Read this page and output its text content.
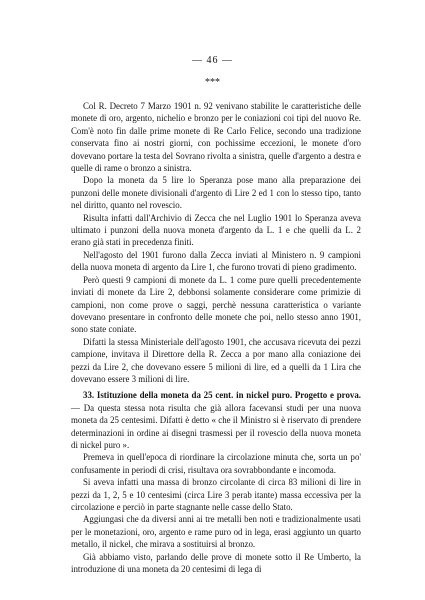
— 46 —
***

Col R. Decreto 7 Marzo 1901 n. 92 venivano stabilite le caratteristiche delle monete di oro, argento, nichelio e bronzo per le coniazioni coi tipi del nuovo Re. Com'è noto fin dalle prime monete di Re Carlo Felice, secondo una tradizione conservata fino ai nostri giorni, con pochissime eccezioni, le monete d'oro dovevano portare la testa del Sovrano rivolta a sinistra, quelle d'argento a destra e quelle di rame o bronzo a sinistra.

Dopo la moneta da 5 lire lo Speranza pose mano alla preparazione dei punzoni delle monete divisionali d'argento di Lire 2 ed 1 con lo stesso tipo, tanto nel diritto, quanto nel rovescio.

Risulta infatti dall'Archivio di Zecca che nel Luglio 1901 lo Speranza aveva ultimato i punzoni della nuova moneta d'argento da L. 1 e che quelli da L. 2 erano già stati in precedenza finiti.

Nell'agosto del 1901 furono dalla Zecca inviati al Ministero n. 9 campioni della nuova moneta di argento da Lire 1, che furono trovati di pieno gradimento.

Però questi 9 campioni di monete da L. 1 come pure quelli precedentemente inviati di monete da Lire 2, debbonsi solamente considerare come primizie di campioni, non come prove o saggi, perchè nessuna caratteristica o variante dovevano presentare in confronto delle monete che poi, nello stesso anno 1901, sono state coniate.

Difatti la stessa Ministeriale dell'agosto 1901, che accusava ricevuta dei pezzi campione, invitava il Direttore della R. Zecca a por mano alla coniazione dei pezzi da Lire 2, che dovevano essere 5 milioni di lire, ed a quelli da 1 Lira che dovevano essere 3 milioni di lire.

33. Istituzione della moneta da 25 cent. in nickel puro. Progetto e prova. — Da questa stessa nota risulta che già allora facevansi studi per una nuova moneta da 25 centesimi. Difatti è detto « che il Ministro si è riservato di prendere determinazioni in ordine ai disegni trasmessi per il rovescio della nuova moneta di nickel puro ».

Premeva in quell'epoca di riordinare la circolazione minuta che, sorta un po' confusamente in periodi di crisi, risultava ora sovrabbondante e incomoda.

Si aveva infatti una massa di bronzo circolante di circa 83 milioni di lire in pezzi da 1, 2, 5 e 10 centesimi (circa Lire 3 perab itante) massa eccessiva per la circolazione e perciò in parte stagnante nelle casse dello Stato.

Aggiungasi che da diversi anni ai tre metalli ben noti e tradizionalmente usati per le monetazioni, oro, argento e rame puro od in lega, erasi aggiunto un quarto metallo, il nickel, che mirava a sostituirsi al bronzo.

Già abbiamo visto, parlando delle prove di monete sotto il Re Umberto, la introduzione di una moneta da 20 centesimi di lega di
